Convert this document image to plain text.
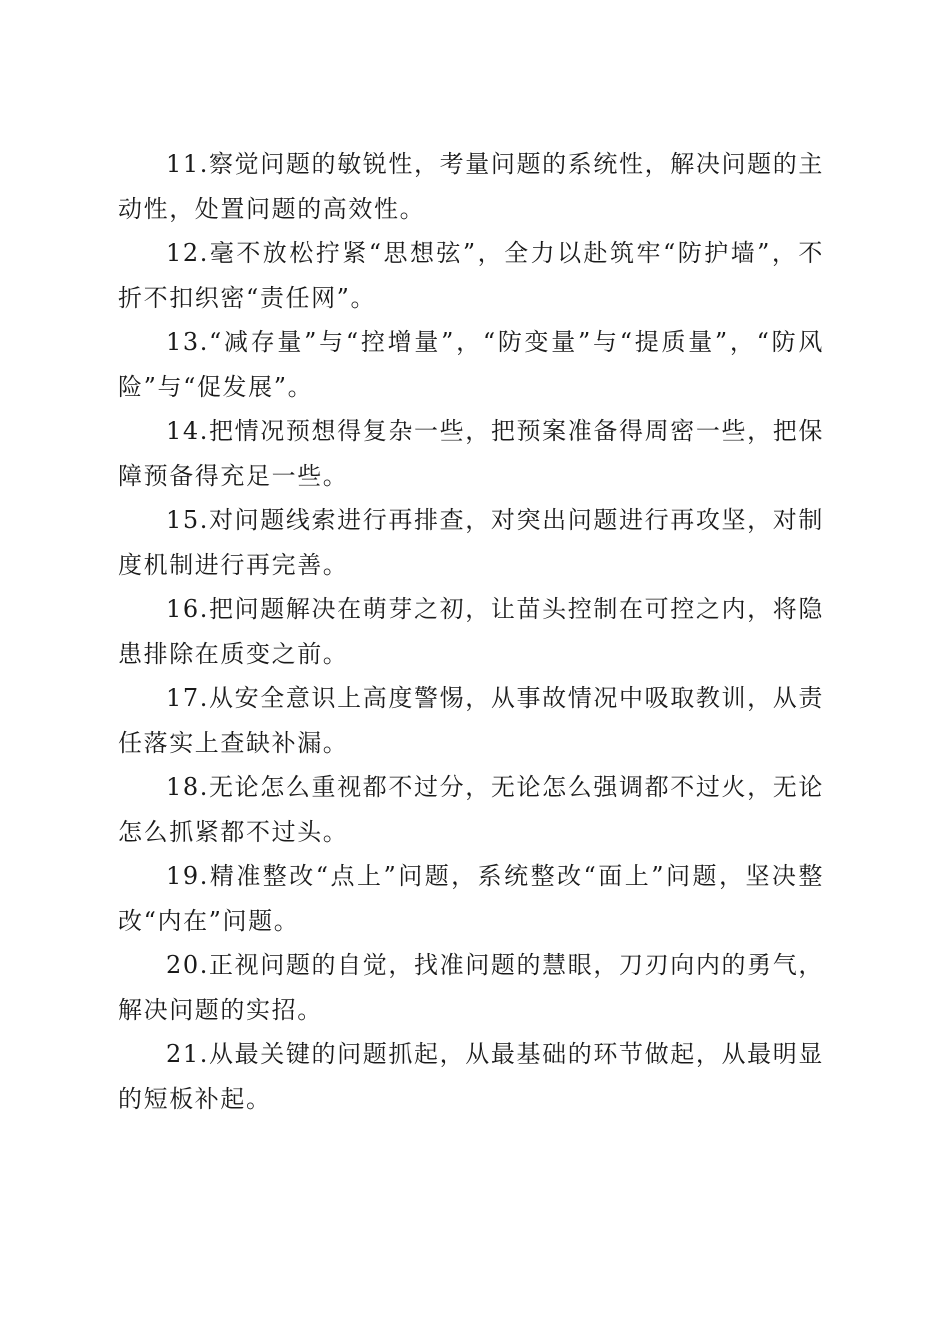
11.察觉问题的敏锐性，考量问题的系统性，解决问题的主动性，处置问题的高效性。

12.毫不放松拧紧“思想弦”，全力以赴筑牢“防护墙”，不折不扣织密“责任网”。

13.“减存量”与“控增量”，“防变量”与“提质量”，“防风险”与“促发展”。

14.把情况预想得复杂一些，把预案准备得周密一些，把保障预备得充足一些。

15.对问题线索进行再排查，对突出问题进行再攻坚，对制度机制进行再完善。

16.把问题解决在萌芽之初，让苗头控制在可控之内，将隐患排除在质变之前。

17.从安全意识上高度警惕，从事故情况中吸取教训，从责任落实上查缺补漏。

18.无论怎么重视都不过分，无论怎么强调都不过火，无论怎么抓紧都不过头。

19.精准整改“点上”问题，系统整改“面上”问题，坚决整改“内在”问题。

20.正视问题的自觉，找准问题的慧眼，刀刃向内的勇气，解决问题的实招。

21.从最关键的问题抓起，从最基础的环节做起，从最明显的短板补起。
